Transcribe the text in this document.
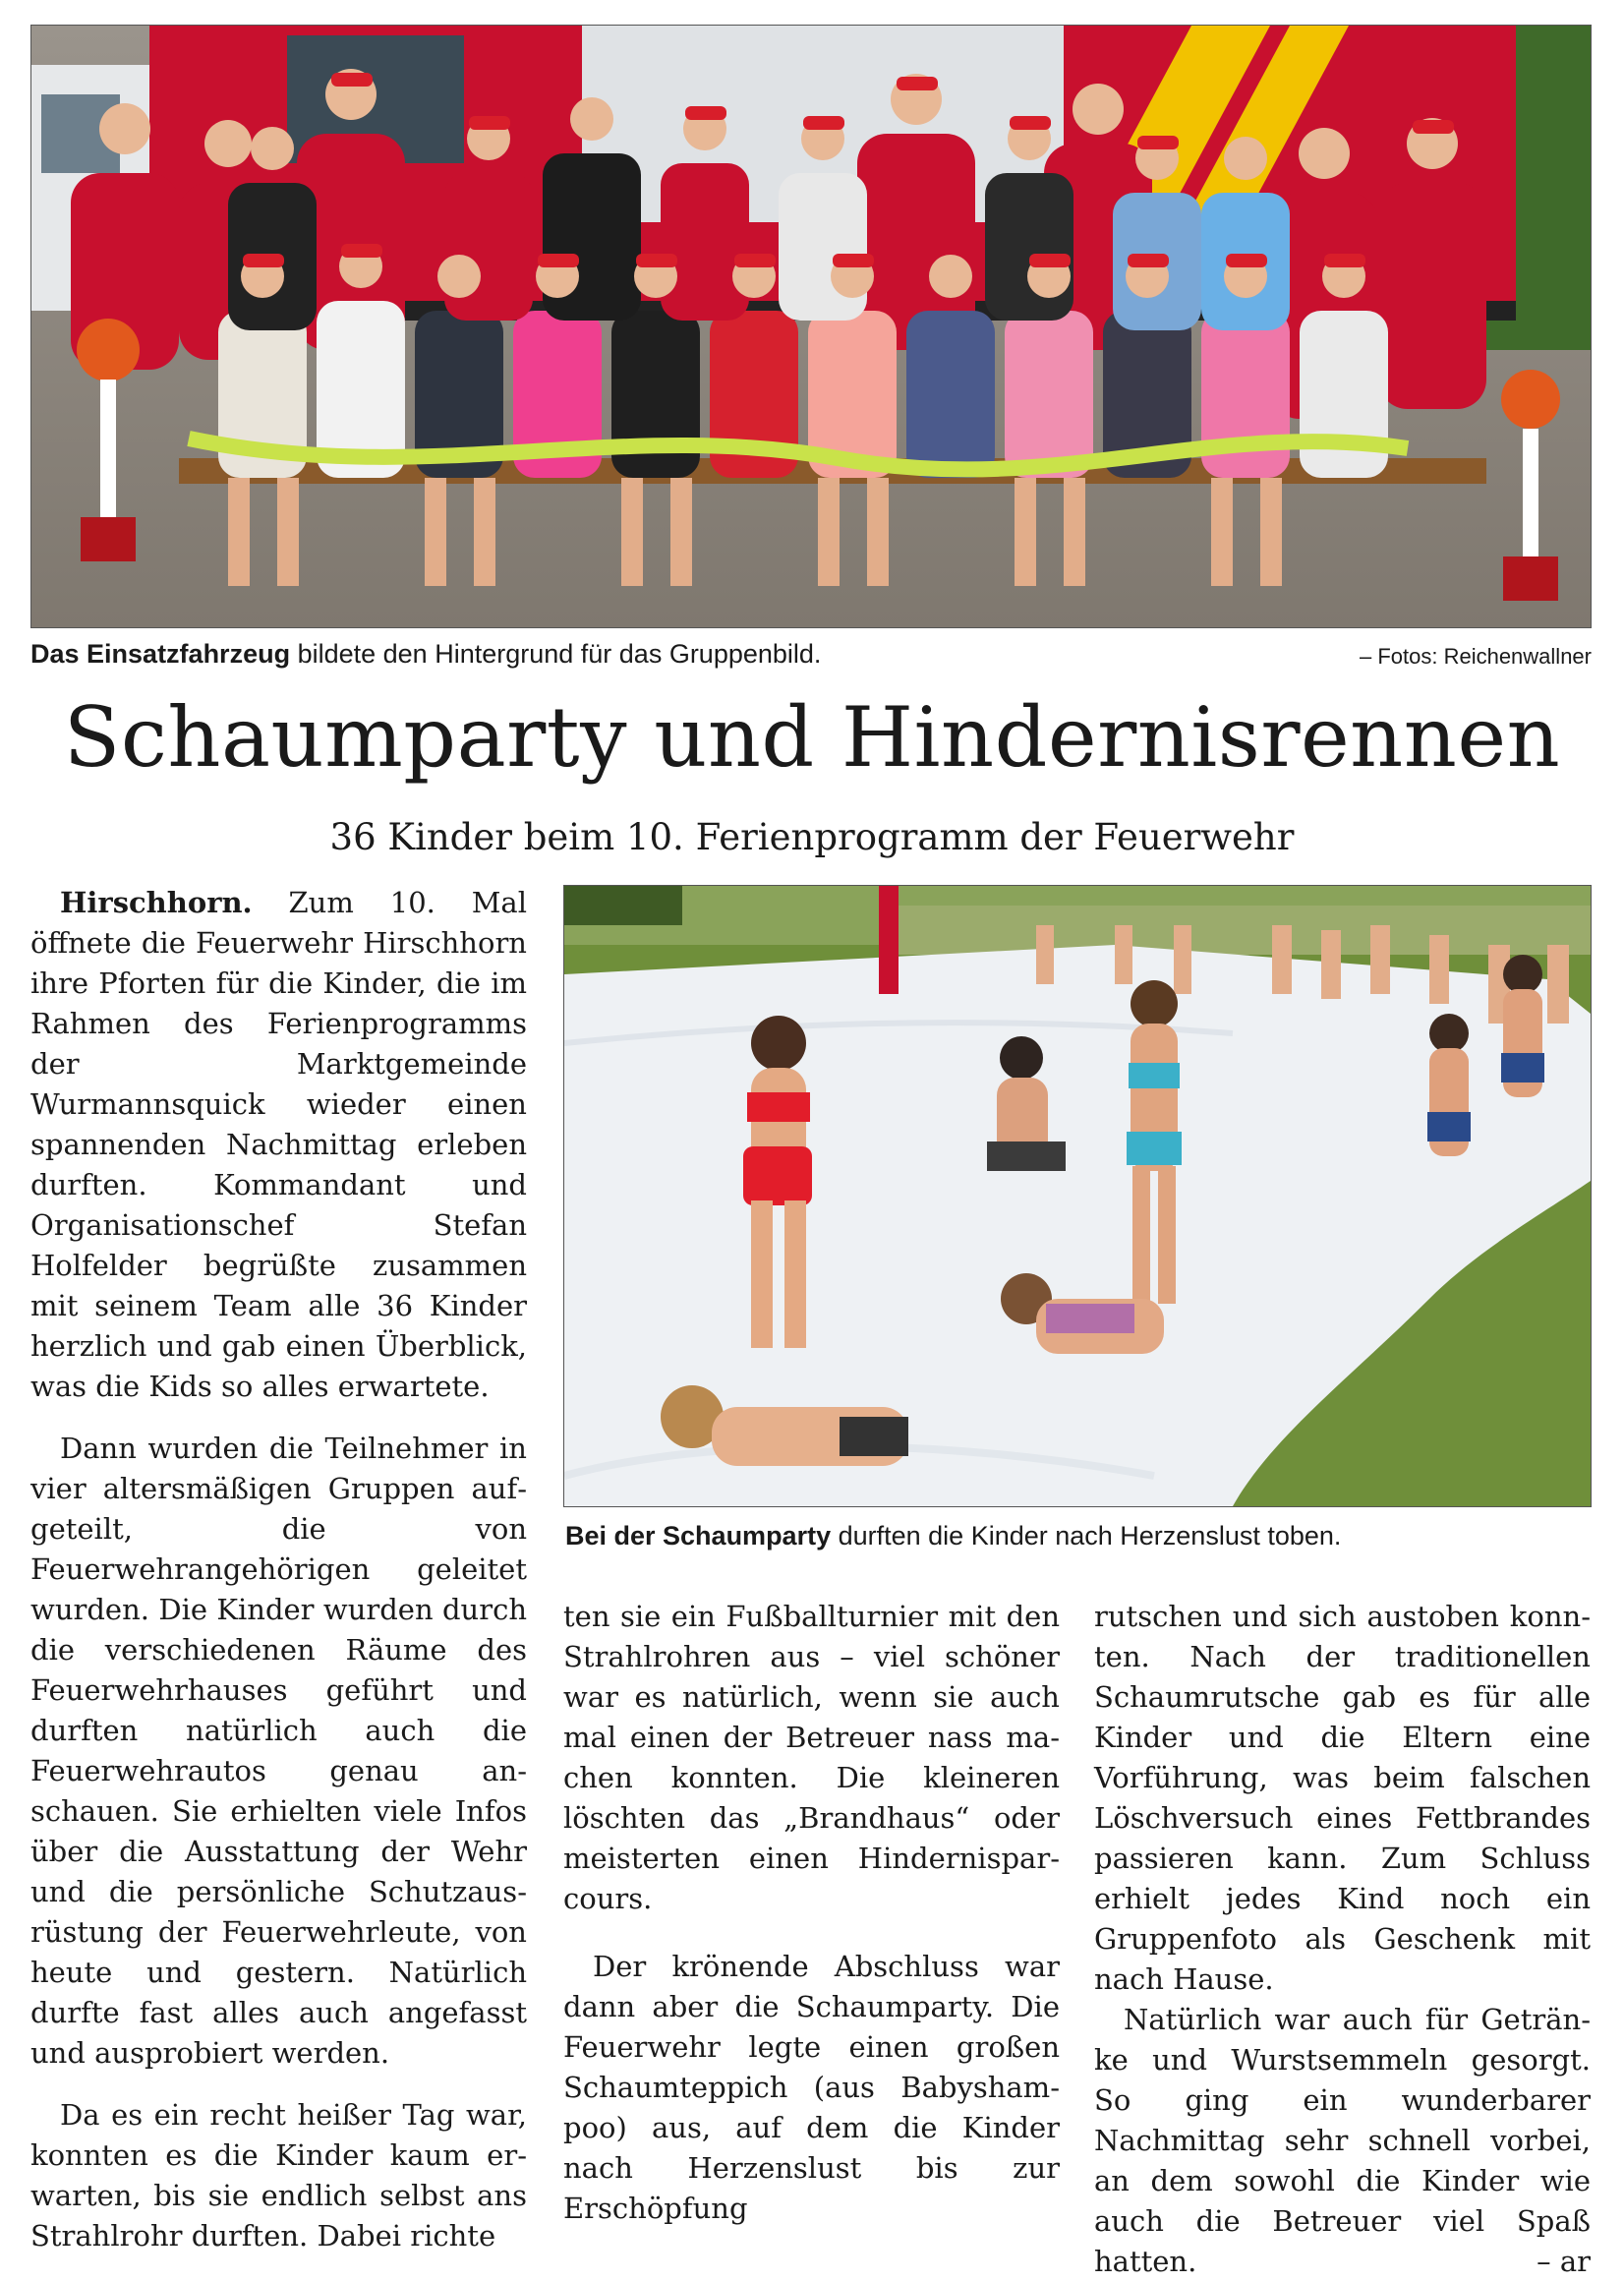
Das Einsatzfahrzeug bildete den Hintergrund für das Gruppenbild.	– Fotos: Reichenwallner
Schaumparty und Hindernisrennen
36 Kinder beim 10. Ferienprogramm der Feuerwehr

Hirschhorn. Zum 10. Mal öffnete die Feuerwehr Hirschhorn ihre Pforten für die Kinder, die im Rahmen des Ferienprogramms der Marktgemeinde Wurmannsquick wieder einen spannenden Nachmittag erleben durften. Kommandant und Organisationschef Stefan Holfelder begrüßte zusammen mit seinem Team alle 36 Kinder herzlich und gab einen Überblick, was die Kids so alles erwartete.

Dann wurden die Teilnehmer in vier altersmäßigen Gruppen aufgeteilt, die von Feuerwehrangehörigen geleitet wurden. Die Kinder wurden durch die verschiedenen Räume des Feuerwehrhauses geführt und durften natürlich auch die Feuerwehrautos genau anschauen. Sie erhielten viele Infos über die Ausstattung der Wehr und die persönliche Schutzausrüstung der Feuerwehrleute, von heute und gestern. Natürlich durfte fast alles auch angefasst und ausprobiert werden.

Da es ein recht heißer Tag war, konnten es die Kinder kaum erwarten, bis sie endlich selbst ans Strahlrohr durften. Dabei richte

Bei der Schaumparty durften die Kinder nach Herzenslust toben.

ten sie ein Fußballturnier mit den Strahlrohren aus – viel schöner war es natürlich, wenn sie auch mal einen der Betreuer nass machen konnten. Die kleineren löschten das „Brandhaus“ oder meisterten einen Hindernisparcours.

Der krönende Abschluss war dann aber die Schaumparty. Die Feuerwehr legte einen großen Schaumteppich (aus Babyshampoo) aus, auf dem die Kinder nach Herzenslust bis zur Erschöpfung

rutschen und sich austoben konnten. Nach der traditionellen Schaumrutsche gab es für alle Kinder und die Eltern eine Vorführung, was beim falschen Löschversuch eines Fettbrandes passieren kann. Zum Schluss erhielt jedes Kind noch ein Gruppenfoto als Geschenk mit nach Hause.

Natürlich war auch für Getränke und Wurstsemmeln gesorgt. So ging ein wunderbarer Nachmittag sehr schnell vorbei, an dem sowohl die Kinder wie auch die Betreuer viel Spaß hatten.	– ar
